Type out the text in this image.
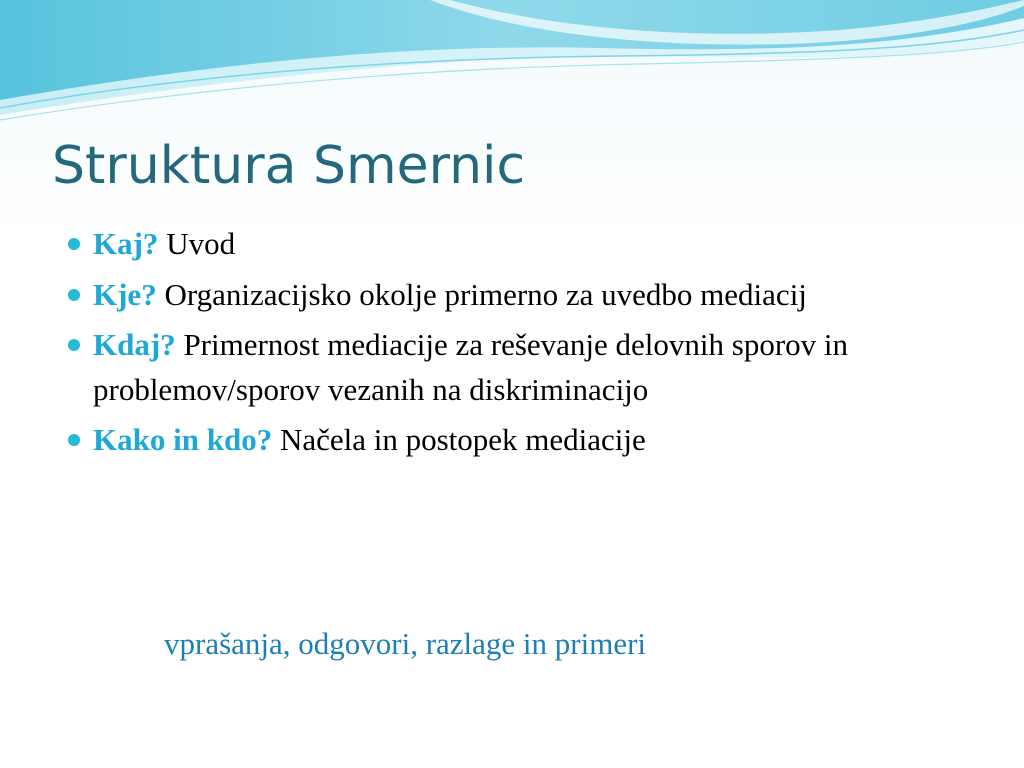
Struktura Smernic
Kaj? Uvod
Kje? Organizacijsko okolje primerno za uvedbo mediacij
Kdaj? Primernost mediacije za reševanje delovnih sporov in problemov/sporov vezanih na diskriminacijo
Kako in kdo? Načela in postopek mediacije

vprašanja, odgovori, razlage in primeri
